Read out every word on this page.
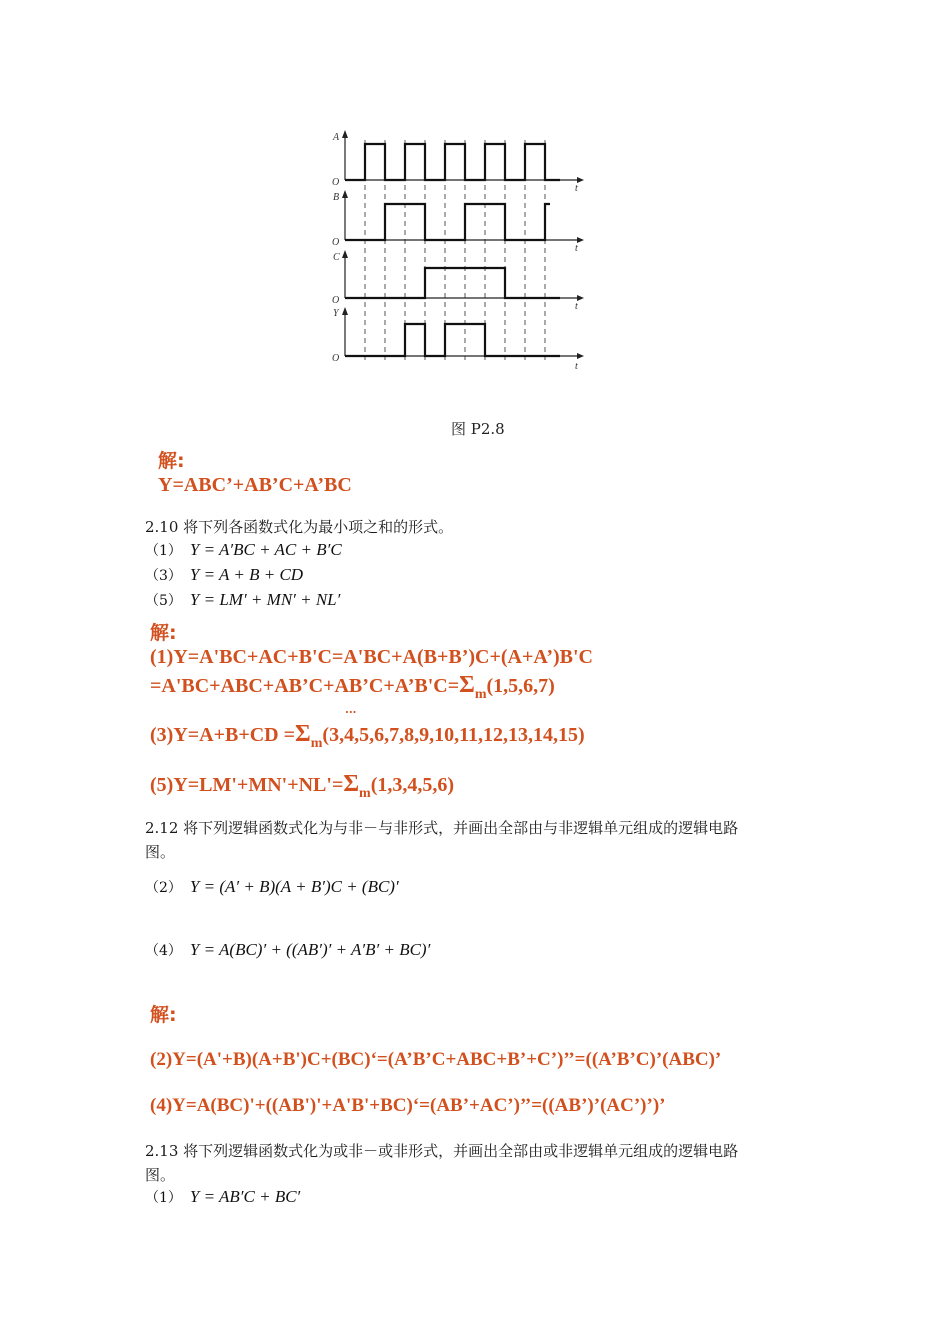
A
O
t
B
O
t
C
O
t
Y
O
t
图 P2.8
解:
Y=ABC’+AB’C+A’BC
2.10 将下列各函数式化为最小项之和的形式。
（1） Y = A′BC + AC + B′C
（3） Y = A + B + CD
（5） Y = LM′ + MN′ + NL′
解:
(1)Y=A'BC+AC+B'C=A'BC+A(B+B’)C+(A+A’)B'C
$=A'BC+ABC+AB’C+AB’C+A’B'C=\Sigma_m(1,5,6,7)$
···
$(3)Y=A+B+CD =\Sigma_m(3,4,5,6,7,8,9,10,11,12,13,14,15)$
$(5)Y=LM'+MN'+NL'=\Sigma_m(1,3,4,5,6)$
2.12 将下列逻辑函数式化为与非－与非形式，并画出全部由与非逻辑单元组成的逻辑电路
图。
（2） Y = (A′ + B)(A + B′)C + (BC)′
（4） Y = A(BC)′ + ((AB′)′ + A′B′ + BC)′
解:
(2)Y=(A'+B)(A+B')C+(BC)‘=(A’B’C+ABC+B’+C’)’’=((A’B’C)’(ABC)’
(4)Y=A(BC)'+((AB')'+A'B'+BC)‘=(AB’+AC’)’’=((AB’)’(AC’)’)’
2.13 将下列逻辑函数式化为或非－或非形式，并画出全部由或非逻辑单元组成的逻辑电路
图。
（1） Y = AB′C + BC′
